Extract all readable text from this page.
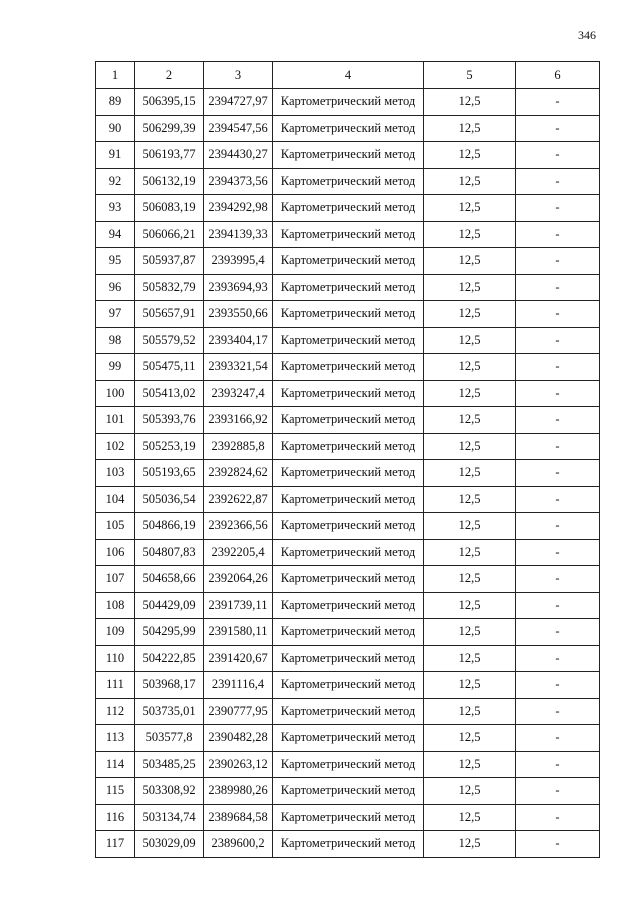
346
1	2	3	4	5	6
89	506395,15	2394727,97	Картометрический метод	12,5	-
90	506299,39	2394547,56	Картометрический метод	12,5	-
91	506193,77	2394430,27	Картометрический метод	12,5	-
92	506132,19	2394373,56	Картометрический метод	12,5	-
93	506083,19	2394292,98	Картометрический метод	12,5	-
94	506066,21	2394139,33	Картометрический метод	12,5	-
95	505937,87	2393995,4	Картометрический метод	12,5	-
96	505832,79	2393694,93	Картометрический метод	12,5	-
97	505657,91	2393550,66	Картометрический метод	12,5	-
98	505579,52	2393404,17	Картометрический метод	12,5	-
99	505475,11	2393321,54	Картометрический метод	12,5	-
100	505413,02	2393247,4	Картометрический метод	12,5	-
101	505393,76	2393166,92	Картометрический метод	12,5	-
102	505253,19	2392885,8	Картометрический метод	12,5	-
103	505193,65	2392824,62	Картометрический метод	12,5	-
104	505036,54	2392622,87	Картометрический метод	12,5	-
105	504866,19	2392366,56	Картометрический метод	12,5	-
106	504807,83	2392205,4	Картометрический метод	12,5	-
107	504658,66	2392064,26	Картометрический метод	12,5	-
108	504429,09	2391739,11	Картометрический метод	12,5	-
109	504295,99	2391580,11	Картометрический метод	12,5	-
110	504222,85	2391420,67	Картометрический метод	12,5	-
111	503968,17	2391116,4	Картометрический метод	12,5	-
112	503735,01	2390777,95	Картометрический метод	12,5	-
113	503577,8	2390482,28	Картометрический метод	12,5	-
114	503485,25	2390263,12	Картометрический метод	12,5	-
115	503308,92	2389980,26	Картометрический метод	12,5	-
116	503134,74	2389684,58	Картометрический метод	12,5	-
117	503029,09	2389600,2	Картометрический метод	12,5	-
